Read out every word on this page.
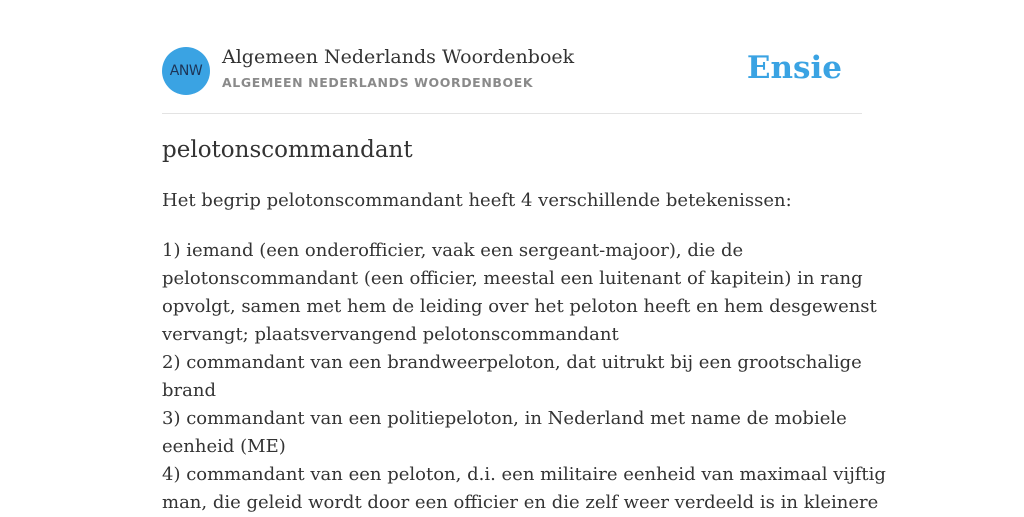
ANW
Algemeen Nederlands Woordenboek
ALGEMEEN NEDERLANDS WOORDENBOEK	Ensie
pelotonscommandant

Het begrip pelotonscommandant heeft 4 verschillende betekenissen:

1) iemand (een onderofficier, vaak een sergeant-majoor), die de
pelotonscommandant (een officier, meestal een luitenant of kapitein) in rang
opvolgt, samen met hem de leiding over het peloton heeft en hem desgewenst
vervangt; plaatsvervangend pelotonscommandant
2) commandant van een brandweerpeloton, dat uitrukt bij een grootschalige
brand
3) commandant van een politiepeloton, in Nederland met name de mobiele
eenheid (ME)
4) commandant van een peloton, d.i. een militaire eenheid van maximaal vijftig
man, die geleid wordt door een officier en die zelf weer verdeeld is in kleinere
